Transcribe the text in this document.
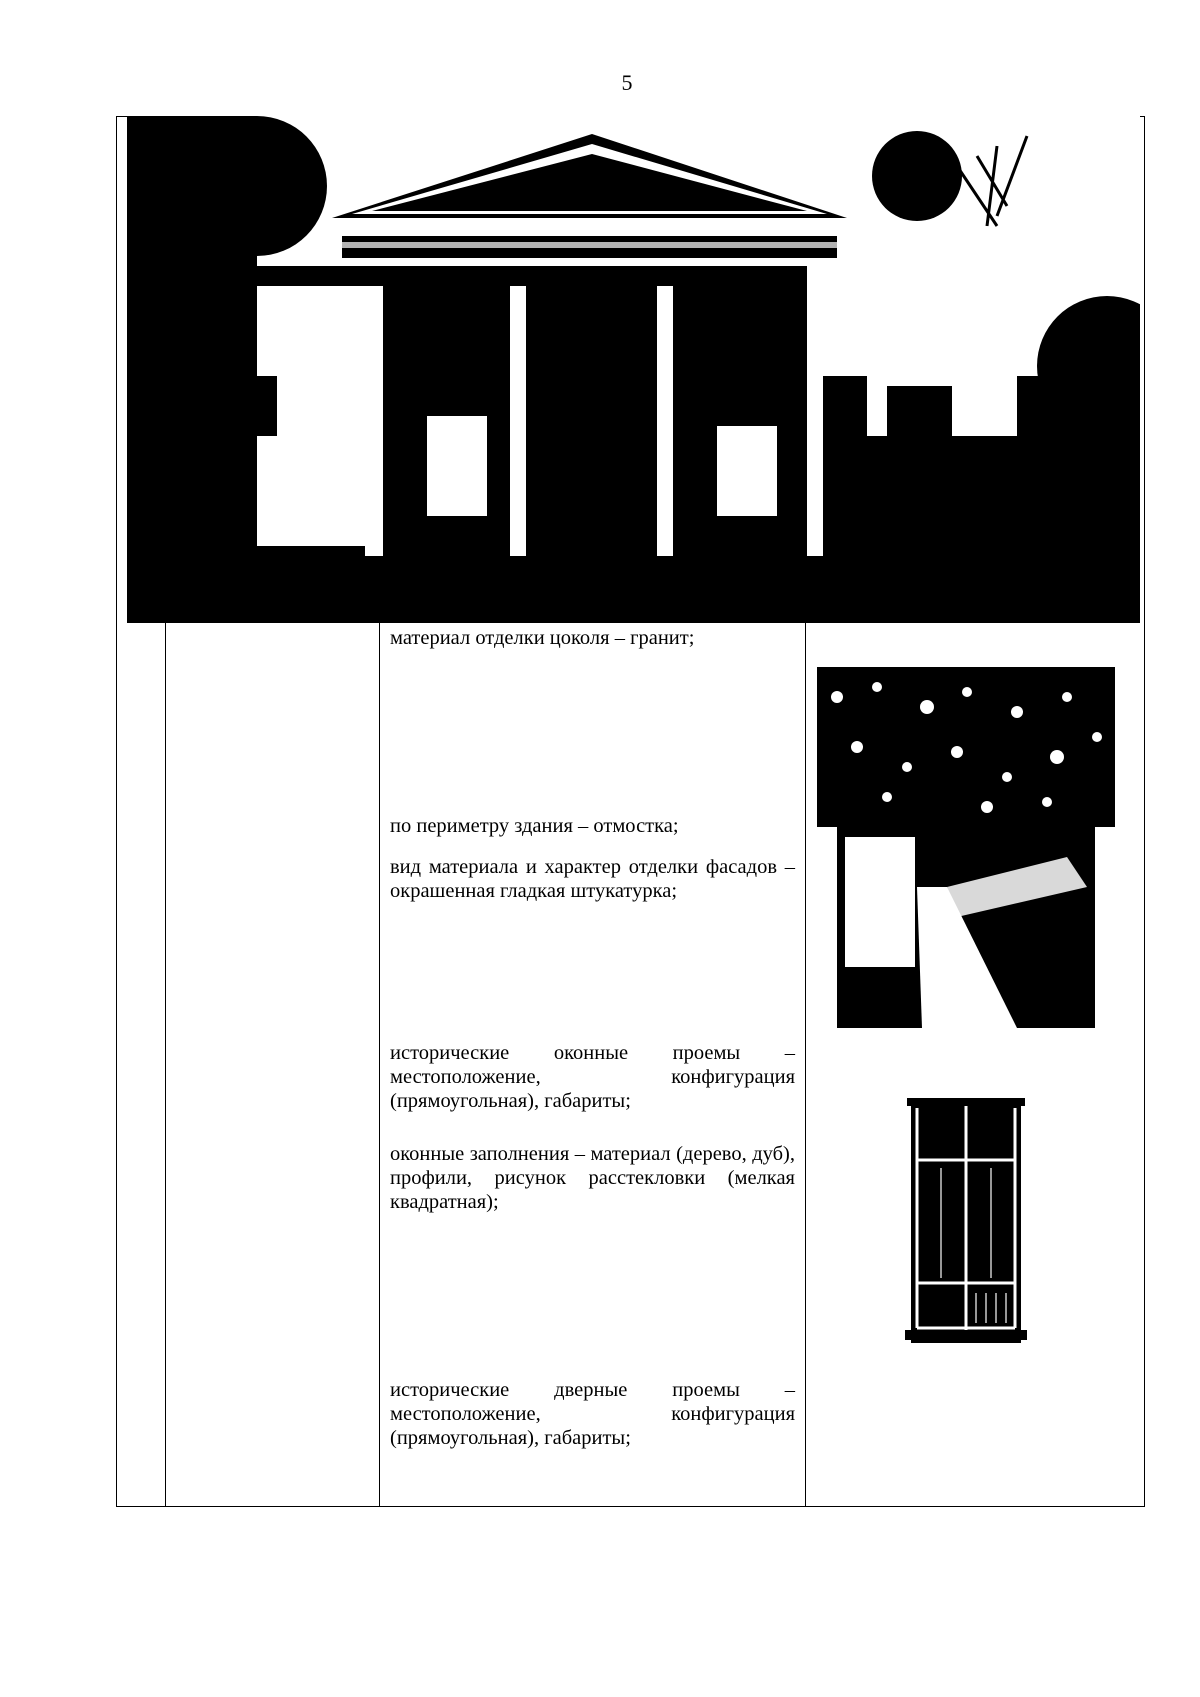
5

материал отделки цоколя – гранит;

по периметру здания – отмостка;

вид материала и характер отделки фасадов – окрашенная гладкая штукатурка;

исторические оконные проемы – местоположение, конфигурация (прямоугольная), габариты;

оконные заполнения – материал (дерево, дуб), профили, рисунок расстекловки (мелкая квадратная);

исторические дверные проемы – местоположение, конфигурация (прямоугольная), габариты;
